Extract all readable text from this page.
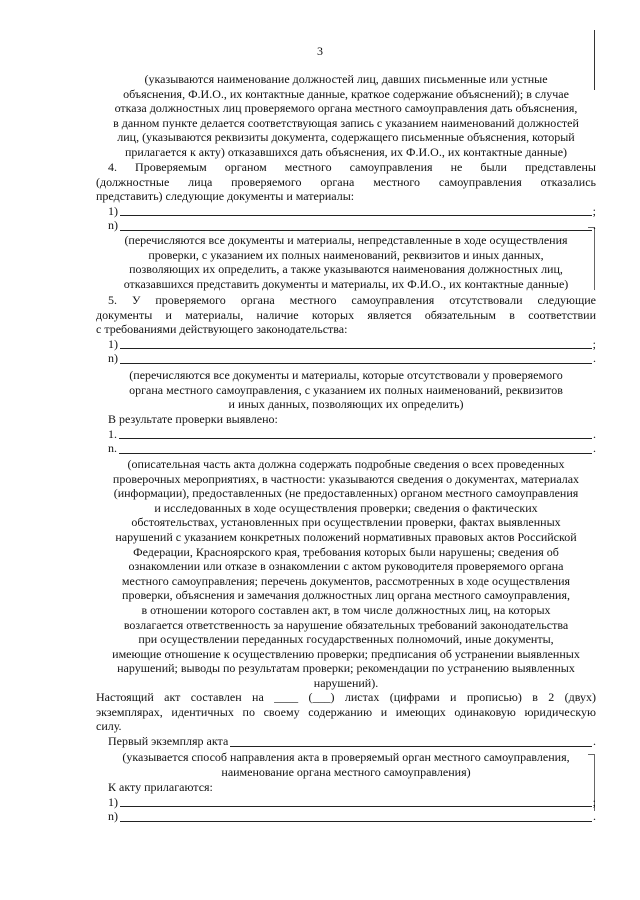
3
(указываются наименование должностей лиц, давших письменные или устные
объяснения, Ф.И.О., их контактные данные, краткое содержание объяснений); в случае
отказа должностных лиц проверяемого органа местного самоуправления дать объяснения,
в данном пункте делается соответствующая запись с указанием наименований должностей
лиц, (указываются реквизиты документа, содержащего письменные объяснения, который
прилагается к акту) отказавшихся дать объяснения, их Ф.И.О., их контактные данные)
4. Проверяемым органом местного самоуправления не были представлены
(должностные лица проверяемого органа местного самоуправления отказались
представить) следующие документы и материалы:
1)	;
n)	.
(перечисляются все документы и материалы, непредставленные в ходе осуществления
проверки, с указанием их полных наименований, реквизитов и иных данных,
позволяющих их определить, а также указываются наименования должностных лиц,
отказавшихся представить документы и материалы, их Ф.И.О., их контактные данные)
5. У проверяемого органа местного самоуправления отсутствовали следующие
документы и материалы, наличие которых является обязательным в соответствии
с требованиями действующего законодательства:
1)	;
n)	.
(перечисляются все документы и материалы, которые отсутствовали у проверяемого
органа местного самоуправления, с указанием их полных наименований, реквизитов
и иных данных, позволяющих их определить)
В результате проверки выявлено:
1.	.
n.	.
(описательная часть акта должна содержать подробные сведения о всех проведенных
проверочных мероприятиях, в частности: указываются сведения о документах, материалах
(информации), предоставленных (не предоставленных) органом местного самоуправления
и исследованных в ходе осуществления проверки; сведения о фактических
обстоятельствах, установленных при осуществлении проверки, фактах выявленных
нарушений с указанием конкретных положений нормативных правовых актов Российской
Федерации, Красноярского края, требования которых были нарушены; сведения об
ознакомлении или отказе в ознакомлении с актом руководителя проверяемого органа
местного самоуправления; перечень документов, рассмотренных в ходе осуществления
проверки, объяснения и замечания должностных лиц органа местного самоуправления,
в отношении которого составлен акт, в том числе должностных лиц, на которых
возлагается ответственность за нарушение обязательных требований законодательства
при осуществлении переданных государственных полномочий, иные документы,
имеющие отношение к осуществлению проверки; предписания об устранении выявленных
нарушений; выводы по результатам проверки; рекомендации по устранению выявленных
нарушений).
Настоящий акт составлен на ____ (___) листах (цифрами и прописью) в 2 (двух)
экземплярах, идентичных по своему содержанию и имеющих одинаковую юридическую
силу.
Первый экземпляр акта	.
(указывается способ направления акта в проверяемый орган местного самоуправления,
наименование органа местного самоуправления)
К акту прилагаются:
1)	;
n)	.
